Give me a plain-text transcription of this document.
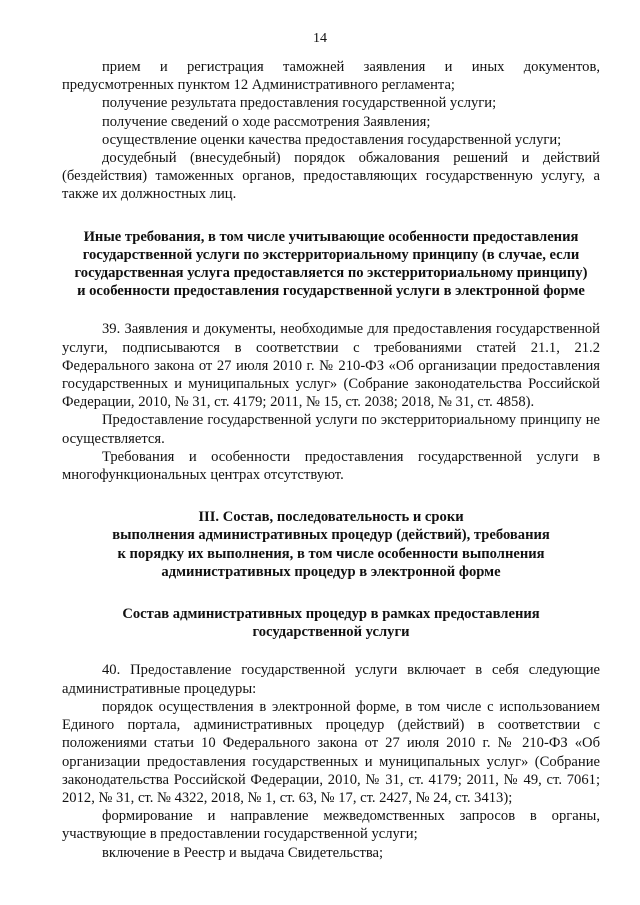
14

прием и регистрация таможней заявления и иных документов, предусмотренных пунктом 12 Административного регламента;

получение результата предоставления государственной услуги;

получение сведений о ходе рассмотрения Заявления;

осуществление оценки качества предоставления государственной услуги;

досудебный (внесудебный) порядок обжалования решений и действий (бездействия) таможенных органов, предоставляющих государственную услугу, а также их должностных лиц.

Иные требования, в том числе учитывающие особенности предоставления
государственной услуги по экстерриториальному принципу (в случае, если
государственная услуга предоставляется по экстерриториальному принципу)
и особенности предоставления государственной услуги в электронной форме

39. Заявления и документы, необходимые для предоставления государственной услуги, подписываются в соответствии с требованиями статей 21.1, 21.2 Федерального закона от 27 июля 2010 г. № 210-ФЗ «Об организации предоставления государственных и муниципальных услуг» (Собрание законодательства Российской Федерации, 2010, № 31, ст. 4179; 2011, № 15, ст. 2038; 2018, № 31, ст. 4858).

Предоставление государственной услуги по экстерриториальному принципу не осуществляется.

Требования и особенности предоставления государственной услуги в многофункциональных центрах отсутствуют.

III. Состав, последовательность и сроки
выполнения административных процедур (действий), требования
к порядку их выполнения, в том числе особенности выполнения
административных процедур в электронной форме
Состав административных процедур в рамках предоставления
государственной услуги

40. Предоставление государственной услуги включает в себя следующие административные процедуры:

порядок осуществления в электронной форме, в том числе с использованием Единого портала, административных процедур (действий) в соответствии с положениями статьи 10 Федерального закона от 27 июля 2010 г. № 210-ФЗ «Об организации предоставления государственных и муниципальных услуг» (Собрание законодательства Российской Федерации, 2010, № 31, ст. 4179; 2011, № 49, ст. 7061; 2012, № 31, ст. № 4322, 2018, № 1, ст. 63, № 17, ст. 2427, № 24, ст. 3413);

формирование и направление межведомственных запросов в органы, участвующие в предоставлении государственной услуги;

включение в Реестр и выдача Свидетельства;
